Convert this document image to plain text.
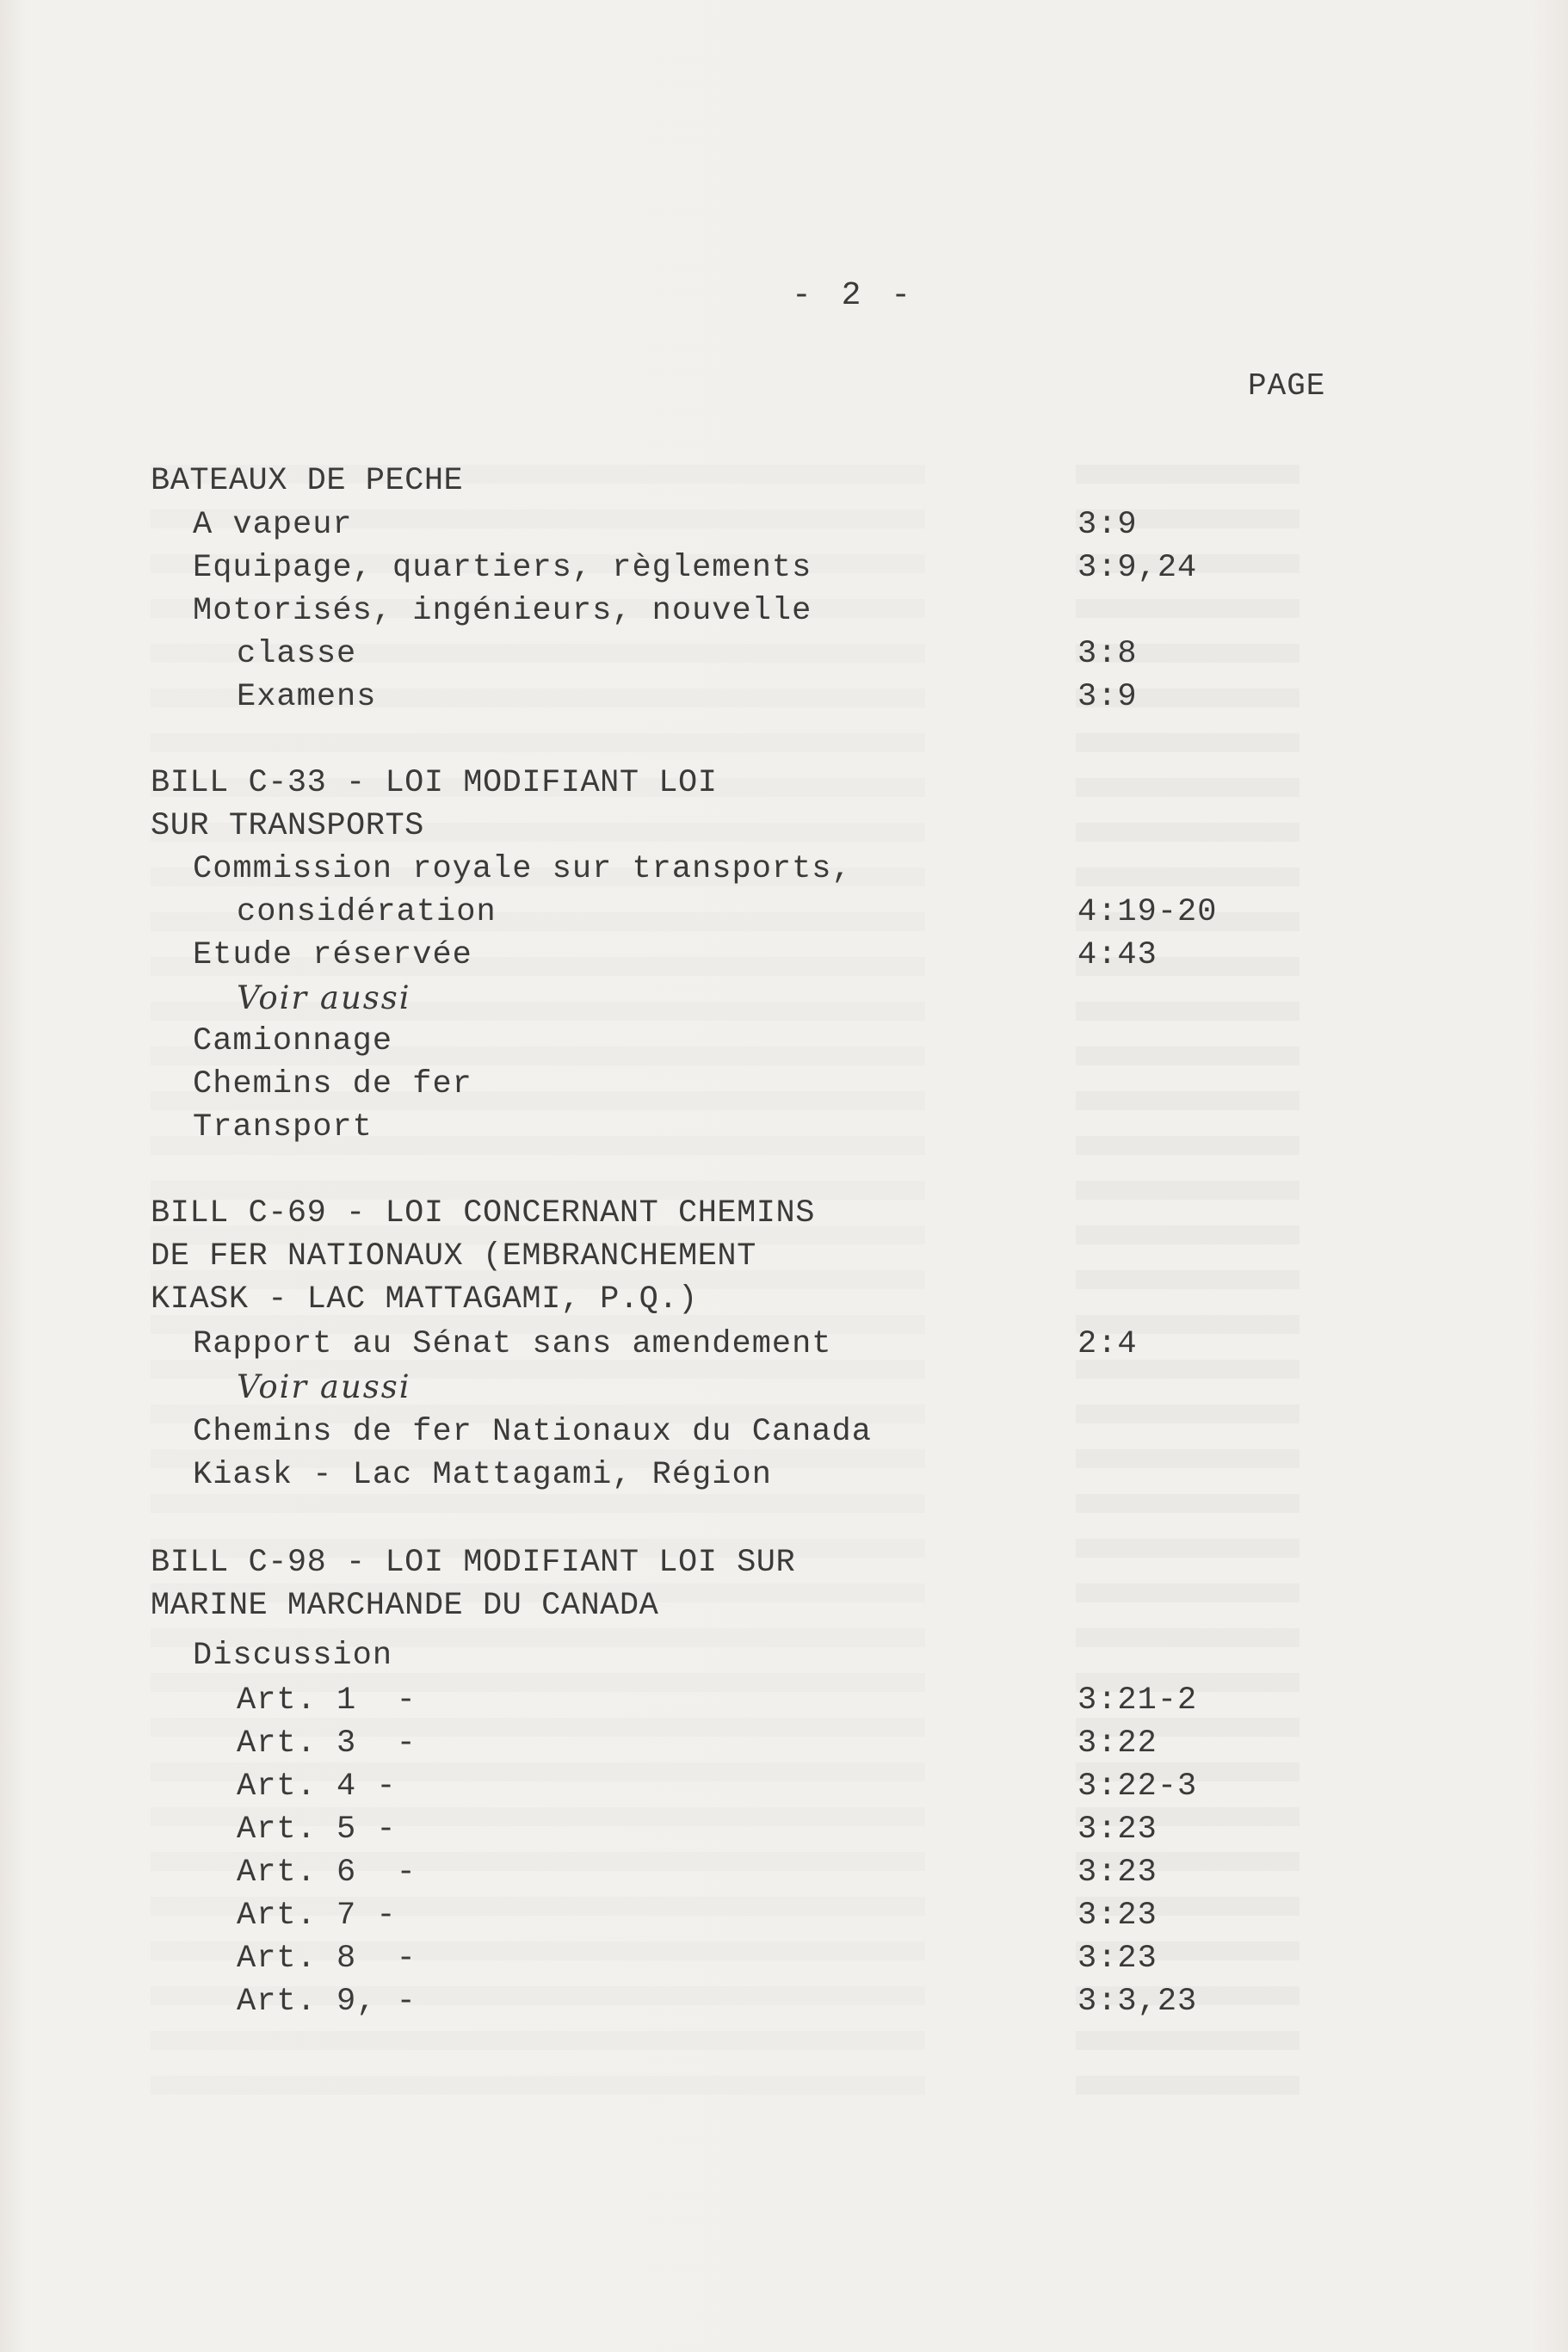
- 2 -
PAGE
BATEAUX DE PECHE
A vapeur	3:9
Equipage, quartiers, règlements	3:9,24
Motorisés, ingénieurs, nouvelle
classe	3:8
Examens	3:9
BILL C-33 - LOI MODIFIANT LOI
SUR TRANSPORTS
Commission royale sur transports,
considération	4:19-20
Etude réservée	4:43
Voir aussi
Camionnage
Chemins de fer
Transport
BILL C-69 - LOI CONCERNANT CHEMINS
DE FER NATIONAUX (EMBRANCHEMENT
KIASK - LAC MATTAGAMI, P.Q.)
Rapport au Sénat sans amendement	2:4
Voir aussi
Chemins de fer Nationaux du Canada
Kiask - Lac Mattagami, Région
BILL C-98 - LOI MODIFIANT LOI SUR
MARINE MARCHANDE DU CANADA
Discussion
Art. 1  -	3:21-2
Art. 3  -	3:22
Art. 4 -	3:22-3
Art. 5 -	3:23
Art. 6  -	3:23
Art. 7 -	3:23
Art. 8  -	3:23
Art. 9, -	3:3,23
